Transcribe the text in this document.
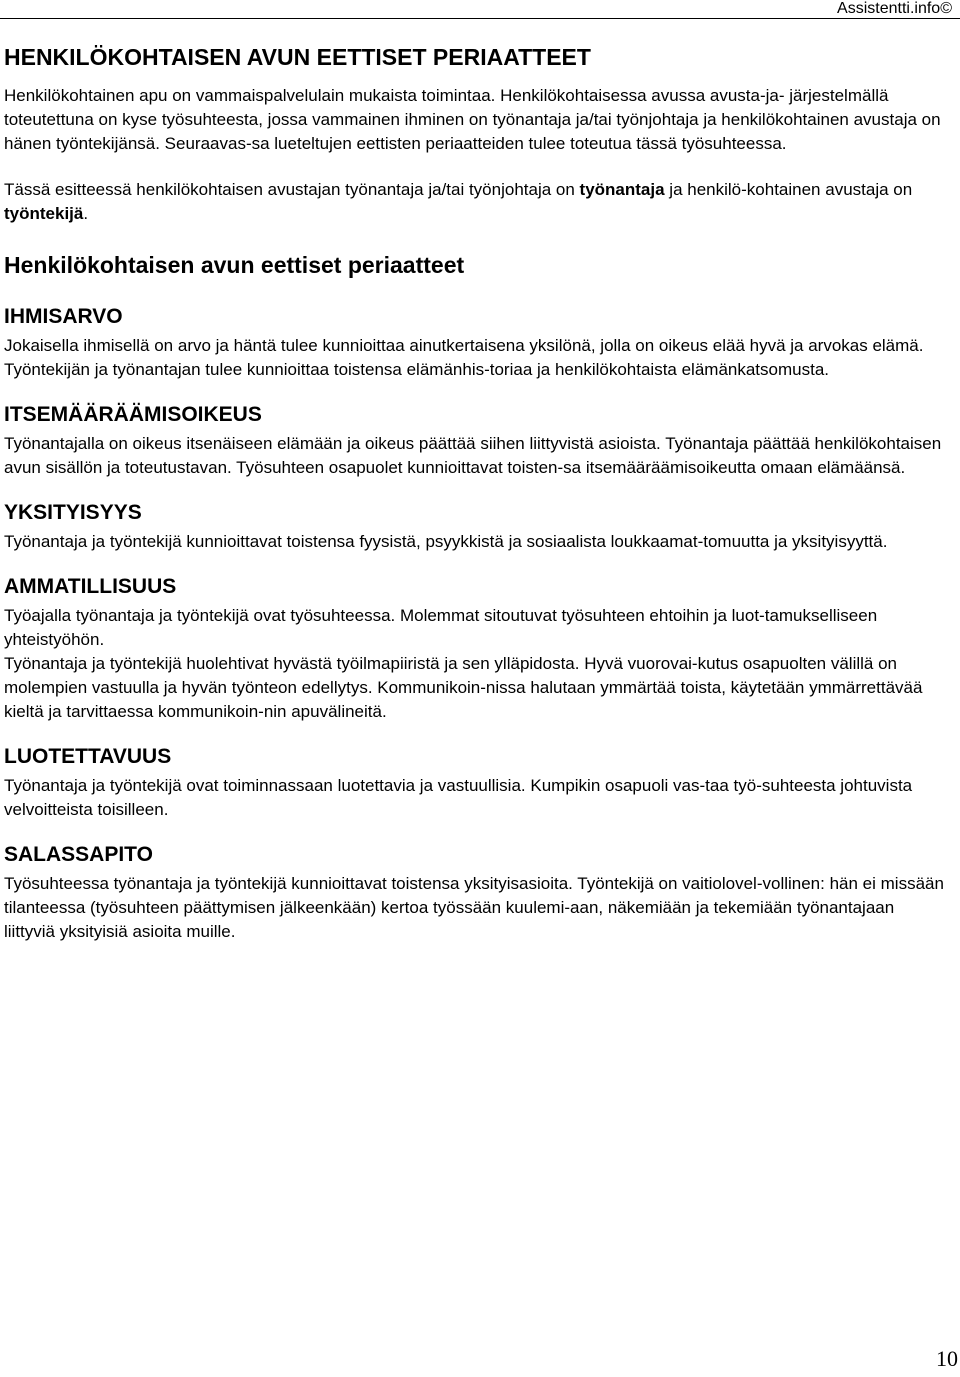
Assistentti.info©
HENKILÖKOHTAISEN AVUN EETTISET PERIAATTEET

Henkilökohtainen apu on vammaispalvelulain mukaista toimintaa. Henkilökohtaisessa avussa avusta-ja- järjestelmällä toteutettuna on kyse työsuhteesta, jossa vammainen ihminen on työnantaja ja/tai työnjohtaja ja henkilökohtainen avustaja on hänen työntekijänsä. Seuraavas-sa lueteltujen eettisten periaatteiden tulee toteutua tässä työsuhteessa.

Tässä esitteessä henkilökohtaisen avustajan työnantaja ja/tai työnjohtaja on työnantaja ja henkilö-kohtainen avustaja on työntekijä.

Henkilökohtaisen avun eettiset periaatteet
IHMISARVO

Jokaisella ihmisellä on arvo ja häntä tulee kunnioittaa ainutkertaisena yksilönä, jolla on oikeus elää hyvä ja arvokas elämä. Työntekijän ja työnantajan tulee kunnioittaa toistensa elämänhis-toriaa ja henkilökohtaista elämänkatsomusta.

ITSEMÄÄRÄÄMISOIKEUS

Työnantajalla on oikeus itsenäiseen elämään ja oikeus päättää siihen liittyvistä asioista. Työnantaja päättää henkilökohtaisen avun sisällön ja toteutustavan. Työsuhteen osapuolet kunnioittavat toisten-sa itsemääräämisoikeutta omaan elämäänsä.

YKSITYISYYS

Työnantaja ja työntekijä kunnioittavat toistensa fyysistä, psyykkistä ja sosiaalista loukkaamat-tomuutta ja yksityisyyttä.

AMMATILLISUUS

Työajalla työnantaja ja työntekijä ovat työsuhteessa. Molemmat sitoutuvat työsuhteen ehtoihin ja luot-tamukselliseen yhteistyöhön.

Työnantaja ja työntekijä huolehtivat hyvästä työilmapiiristä ja sen ylläpidosta. Hyvä vuorovai-kutus osapuolten välillä on molempien vastuulla ja hyvän työnteon edellytys. Kommunikoin-nissa halutaan ymmärtää toista, käytetään ymmärrettävää kieltä ja tarvittaessa kommunikoin-nin apuvälineitä.

LUOTETTAVUUS

Työnantaja ja työntekijä ovat toiminnassaan luotettavia ja vastuullisia. Kumpikin osapuoli vas-taa työ-suhteesta johtuvista velvoitteista toisilleen.

SALASSAPITO

Työsuhteessa työnantaja ja työntekijä kunnioittavat toistensa yksityisasioita. Työntekijä on vaitiolovel-vollinen: hän ei missään tilanteessa (työsuhteen päättymisen jälkeenkään) kertoa työssään kuulemi-aan, näkemiään ja tekemiään työnantajaan liittyviä yksityisiä asioita muille.

10
